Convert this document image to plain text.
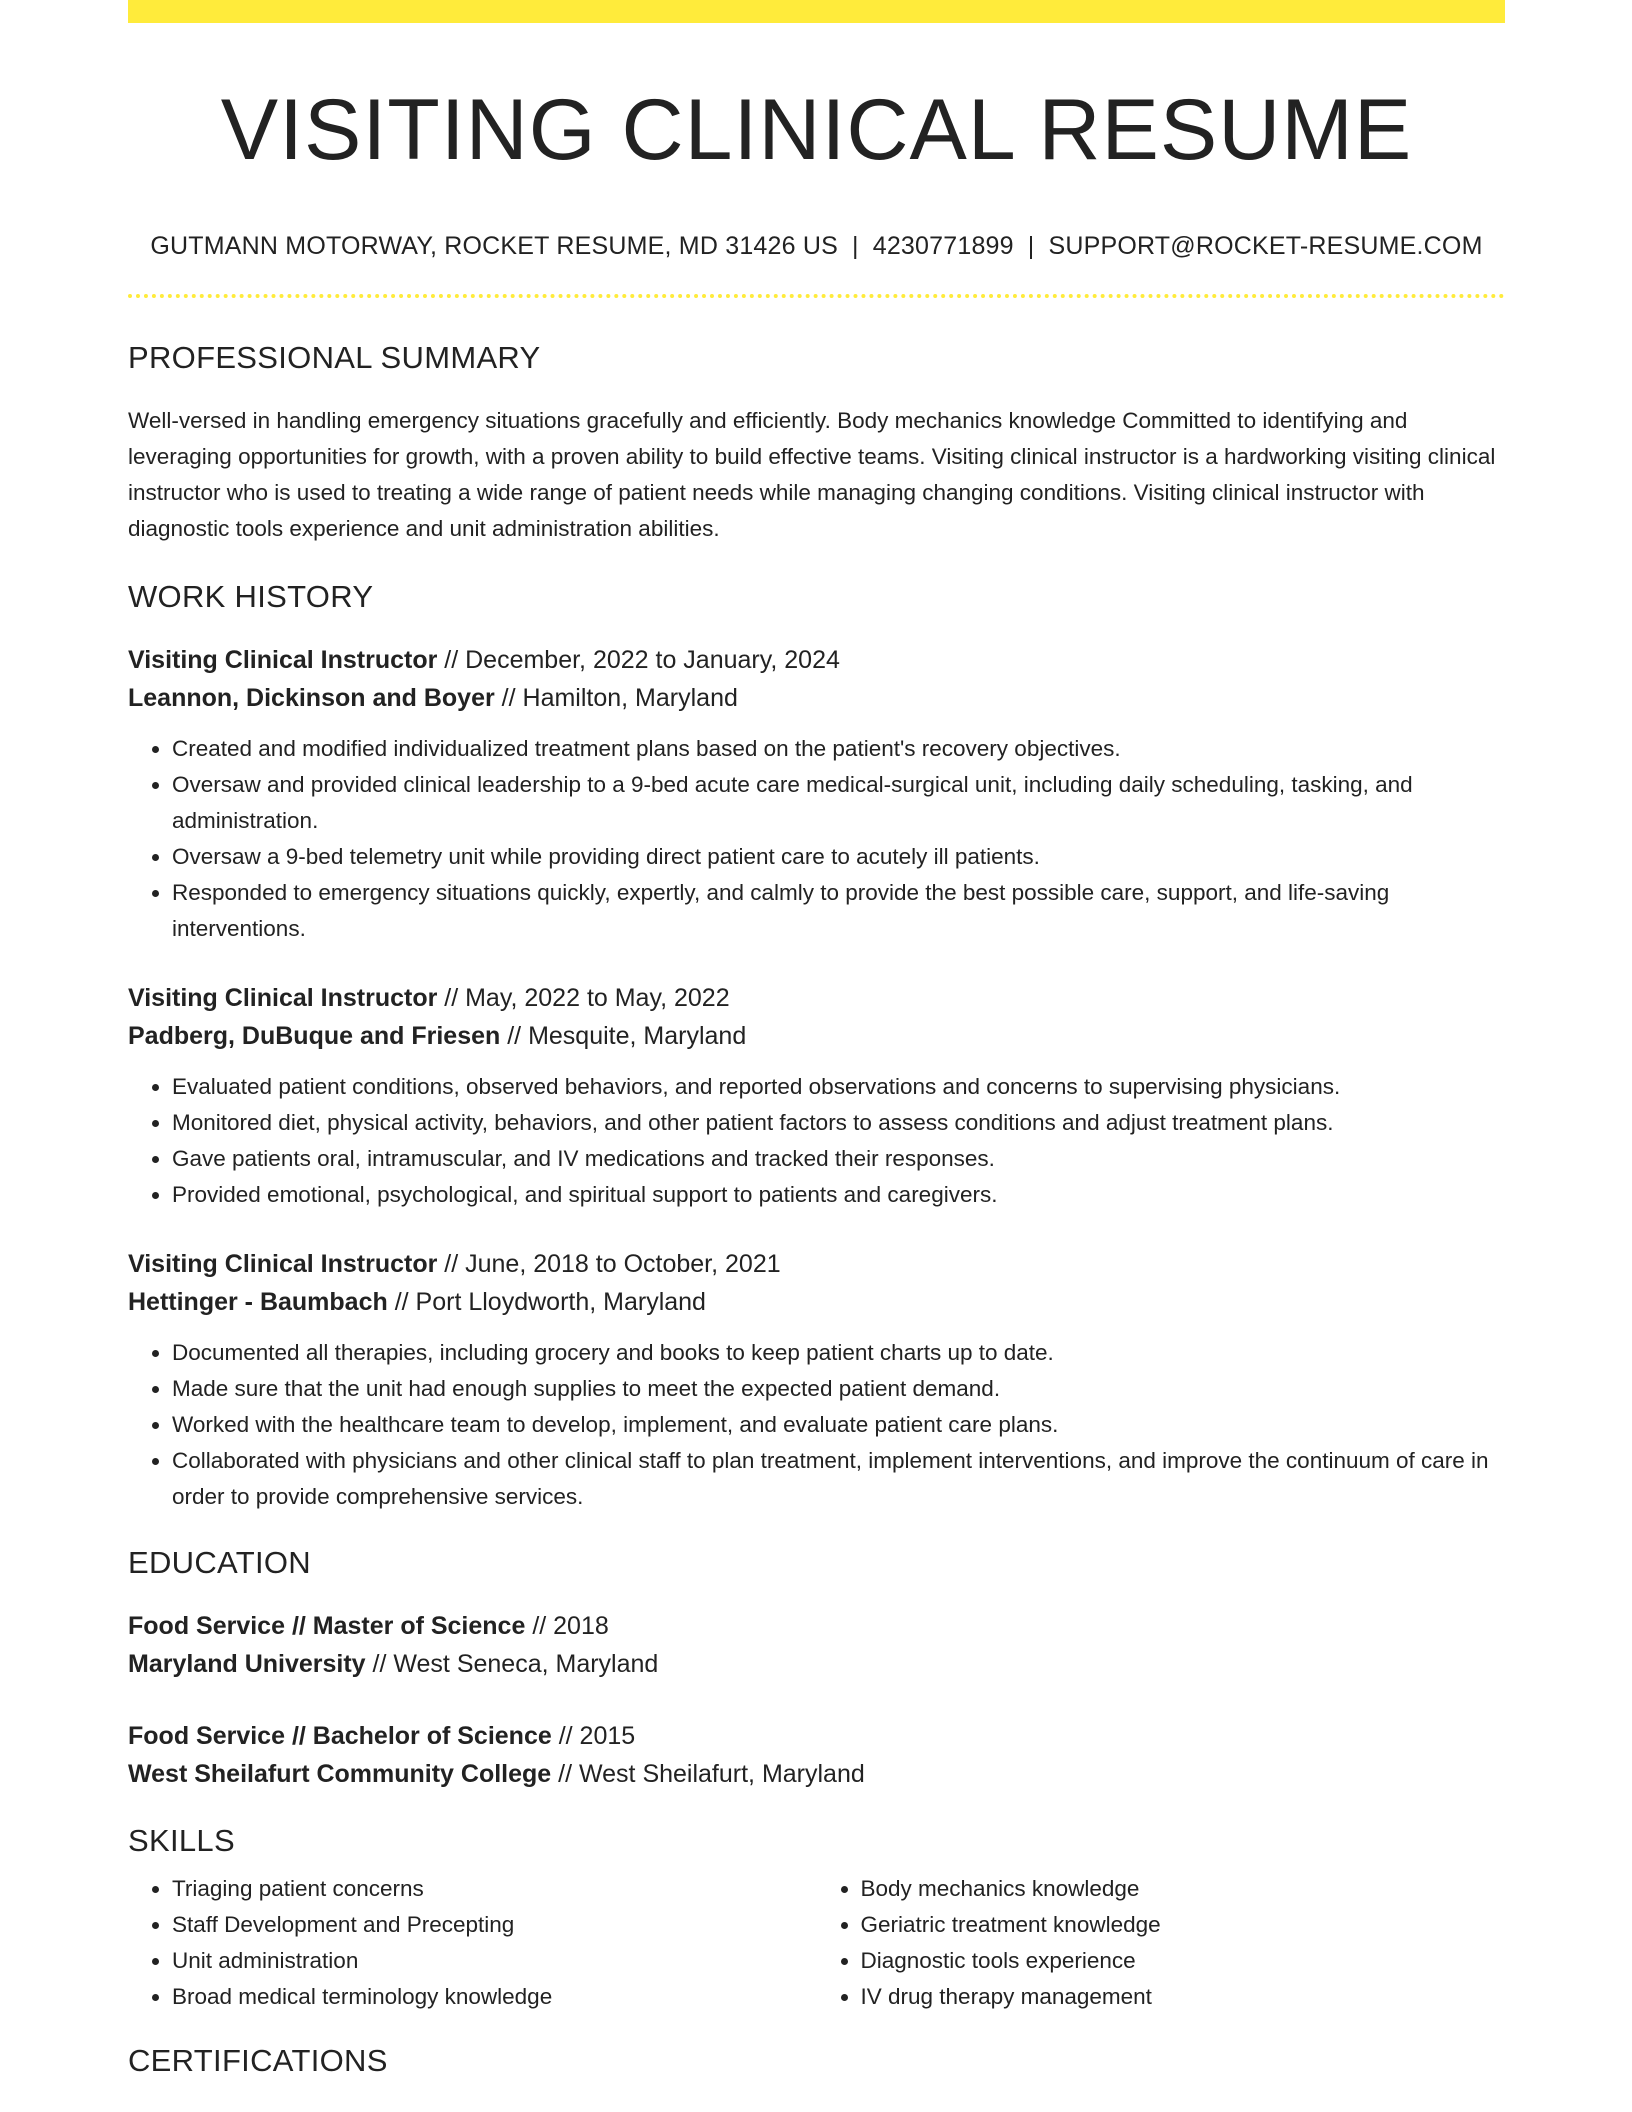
VISITING CLINICAL RESUME
GUTMANN MOTORWAY, ROCKET RESUME, MD 31426 US | 4230771899 | SUPPORT@ROCKET-RESUME.COM
PROFESSIONAL SUMMARY

Well-versed in handling emergency situations gracefully and efficiently. Body mechanics knowledge Committed to identifying and leveraging opportunities for growth, with a proven ability to build effective teams. Visiting clinical instructor is a hardworking visiting clinical instructor who is used to treating a wide range of patient needs while managing changing conditions. Visiting clinical instructor with diagnostic tools experience and unit administration abilities.

WORK HISTORY
Visiting Clinical Instructor // December, 2022 to January, 2024
Leannon, Dickinson and Boyer // Hamilton, Maryland
• Created and modified individualized treatment plans based on the patient's recovery objectives.
• Oversaw and provided clinical leadership to a 9-bed acute care medical-surgical unit, including daily scheduling, tasking, and administration.
• Oversaw a 9-bed telemetry unit while providing direct patient care to acutely ill patients.
• Responded to emergency situations quickly, expertly, and calmly to provide the best possible care, support, and life-saving interventions.
Visiting Clinical Instructor // May, 2022 to May, 2022
Padberg, DuBuque and Friesen // Mesquite, Maryland
• Evaluated patient conditions, observed behaviors, and reported observations and concerns to supervising physicians.
• Monitored diet, physical activity, behaviors, and other patient factors to assess conditions and adjust treatment plans.
• Gave patients oral, intramuscular, and IV medications and tracked their responses.
• Provided emotional, psychological, and spiritual support to patients and caregivers.
Visiting Clinical Instructor // June, 2018 to October, 2021
Hettinger - Baumbach // Port Lloydworth, Maryland
• Documented all therapies, including grocery and books to keep patient charts up to date.
• Made sure that the unit had enough supplies to meet the expected patient demand.
• Worked with the healthcare team to develop, implement, and evaluate patient care plans.
• Collaborated with physicians and other clinical staff to plan treatment, implement interventions, and improve the continuum of care in order to provide comprehensive services.
EDUCATION
Food Service // Master of Science // 2018
Maryland University // West Seneca, Maryland
Food Service // Bachelor of Science // 2015
West Sheilafurt Community College // West Sheilafurt, Maryland
SKILLS
• Triaging patient concerns
• Staff Development and Precepting
• Unit administration
• Broad medical terminology knowledge
• Body mechanics knowledge
• Geriatric treatment knowledge
• Diagnostic tools experience
• IV drug therapy management
CERTIFICATIONS
